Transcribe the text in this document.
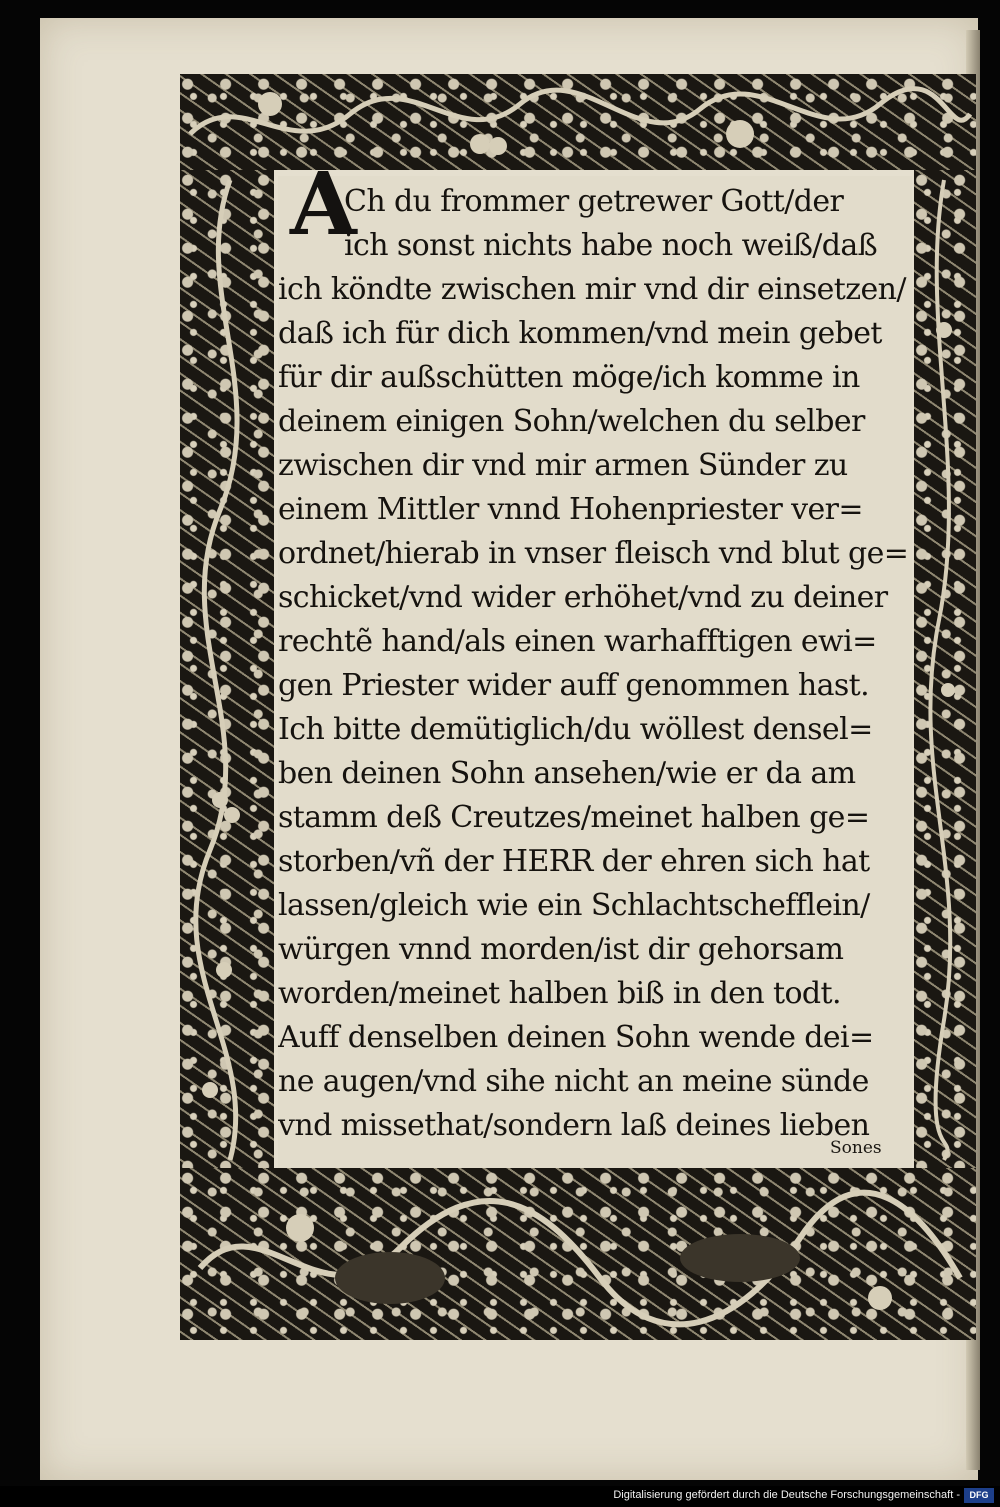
Ch du frommer getrewer Gott/der
ich sonst nichts habe noch weiß/daß
ich köndte zwischen mir vnd dir einsetzen/
daß ich für dich kommen/vnd mein gebet
für dir außschütten möge/ich komme in
deinem einigen Sohn/welchen du selber
zwischen dir vnd mir armen Sünder zu
einem Mittler vnnd Hohenpriester ver=
ordnet/hierab in vnser fleisch vnd blut ge=
schicket/vnd wider erhöhet/vnd zu deiner
rechtẽ hand/als einen warhafftigen ewi=
gen Priester wider auff genommen hast.
Ich bitte demütiglich/du wöllest densel=
ben deinen Sohn ansehen/wie er da am
stamm deß Creutzes/meinet halben ge=
storben/vñ der HERR der ehren sich hat
lassen/gleich wie ein Schlachtschefflein/
würgen vnnd morden/ist dir gehorsam
worden/meinet halben biß in den todt.
Auff denselben deinen Sohn wende dei=
ne augen/vnd sihe nicht an meine sünde
vnd missethat/sondern laß deines lieben
Sones
A
Digitalisierung gefördert durch die Deutsche Forschungsgemeinschaft -	DFG
